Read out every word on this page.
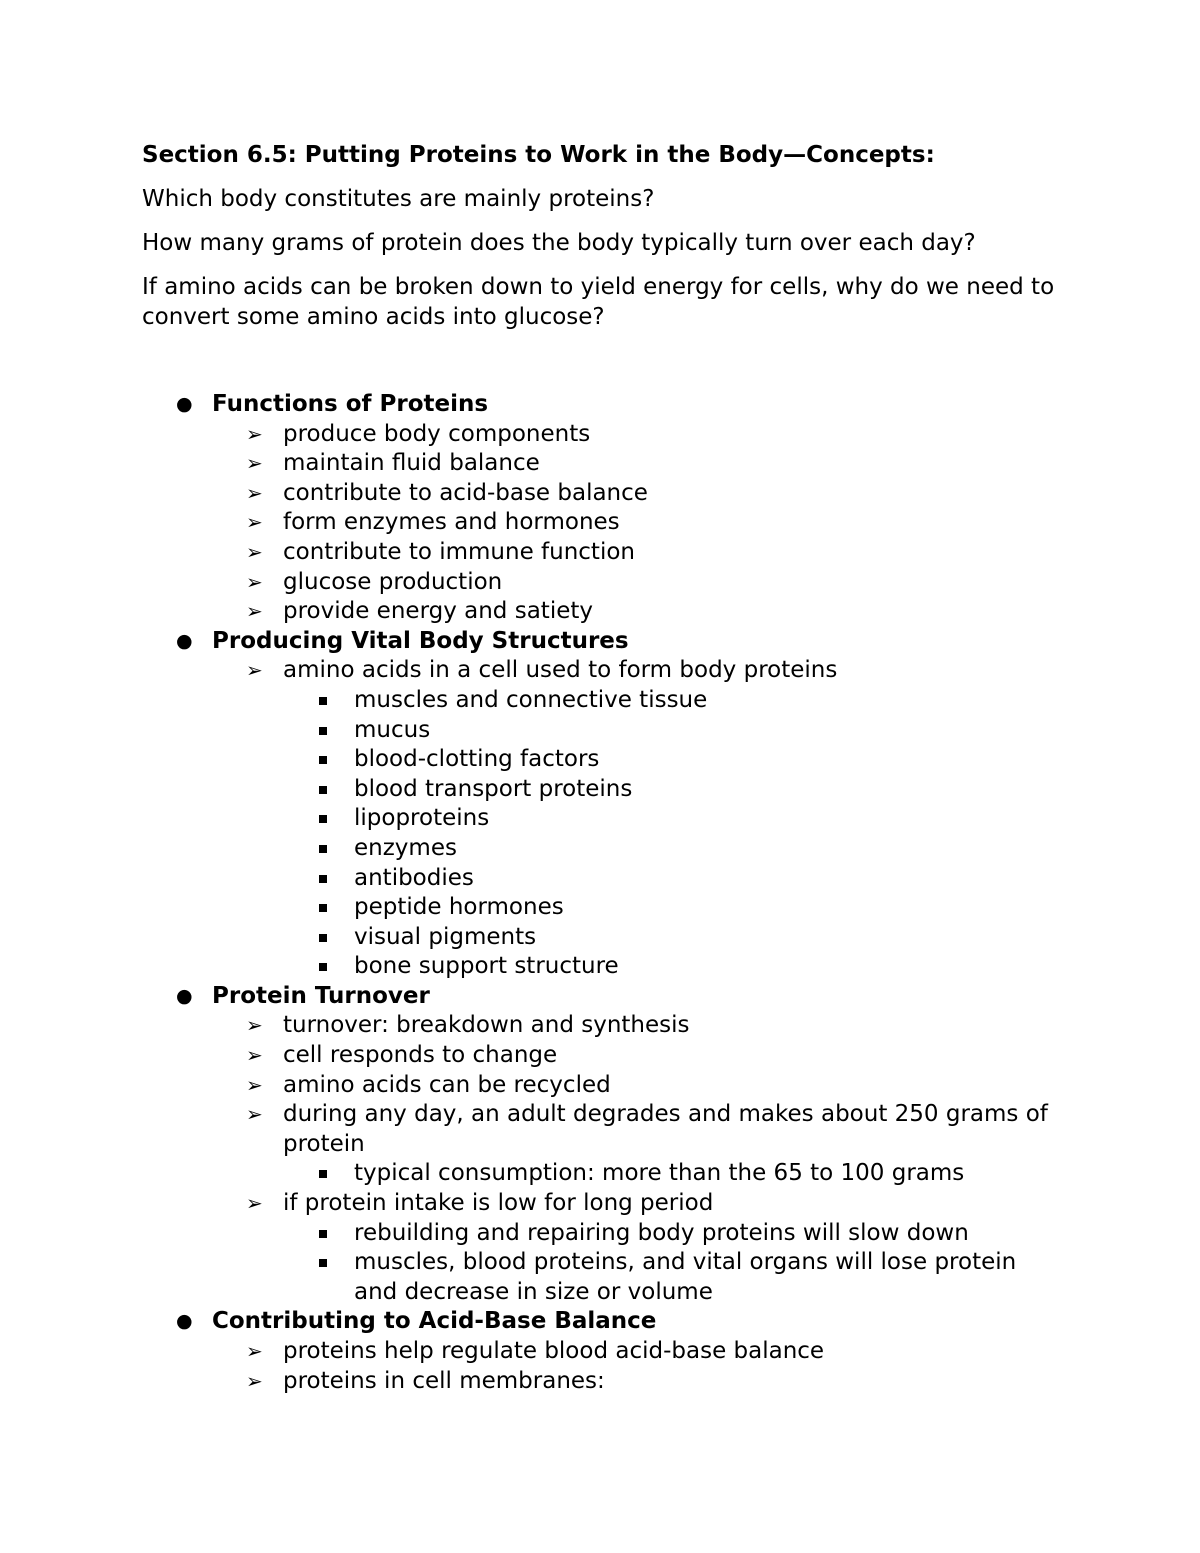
Section 6.5: Putting Proteins to Work in the Body—Concepts:
Which body constitutes are mainly proteins?
How many grams of protein does the body typically turn over each day?
If amino acids can be broken down to yield energy for cells, why do we need to convert some amino acids into glucose?
● Functions of Proteins
➢ produce body components
➢ maintain fluid balance
➢ contribute to acid-base balance
➢ form enzymes and hormones
➢ contribute to immune function
➢ glucose production
➢ provide energy and satiety
● Producing Vital Body Structures
➢ amino acids in a cell used to form body proteins
muscles and connective tissue
mucus
blood-clotting factors
blood transport proteins
lipoproteins
enzymes
antibodies
peptide hormones
visual pigments
bone support structure
● Protein Turnover
➢ turnover: breakdown and synthesis
➢ cell responds to change
➢ amino acids can be recycled
➢ during any day, an adult degrades and makes about 250 grams of protein
typical consumption: more than the 65 to 100 grams
➢ if protein intake is low for long period
rebuilding and repairing body proteins will slow down
muscles, blood proteins, and vital organs will lose protein and decrease in size or volume
● Contributing to Acid-Base Balance
➢ proteins help regulate blood acid-base balance
➢ proteins in cell membranes:
